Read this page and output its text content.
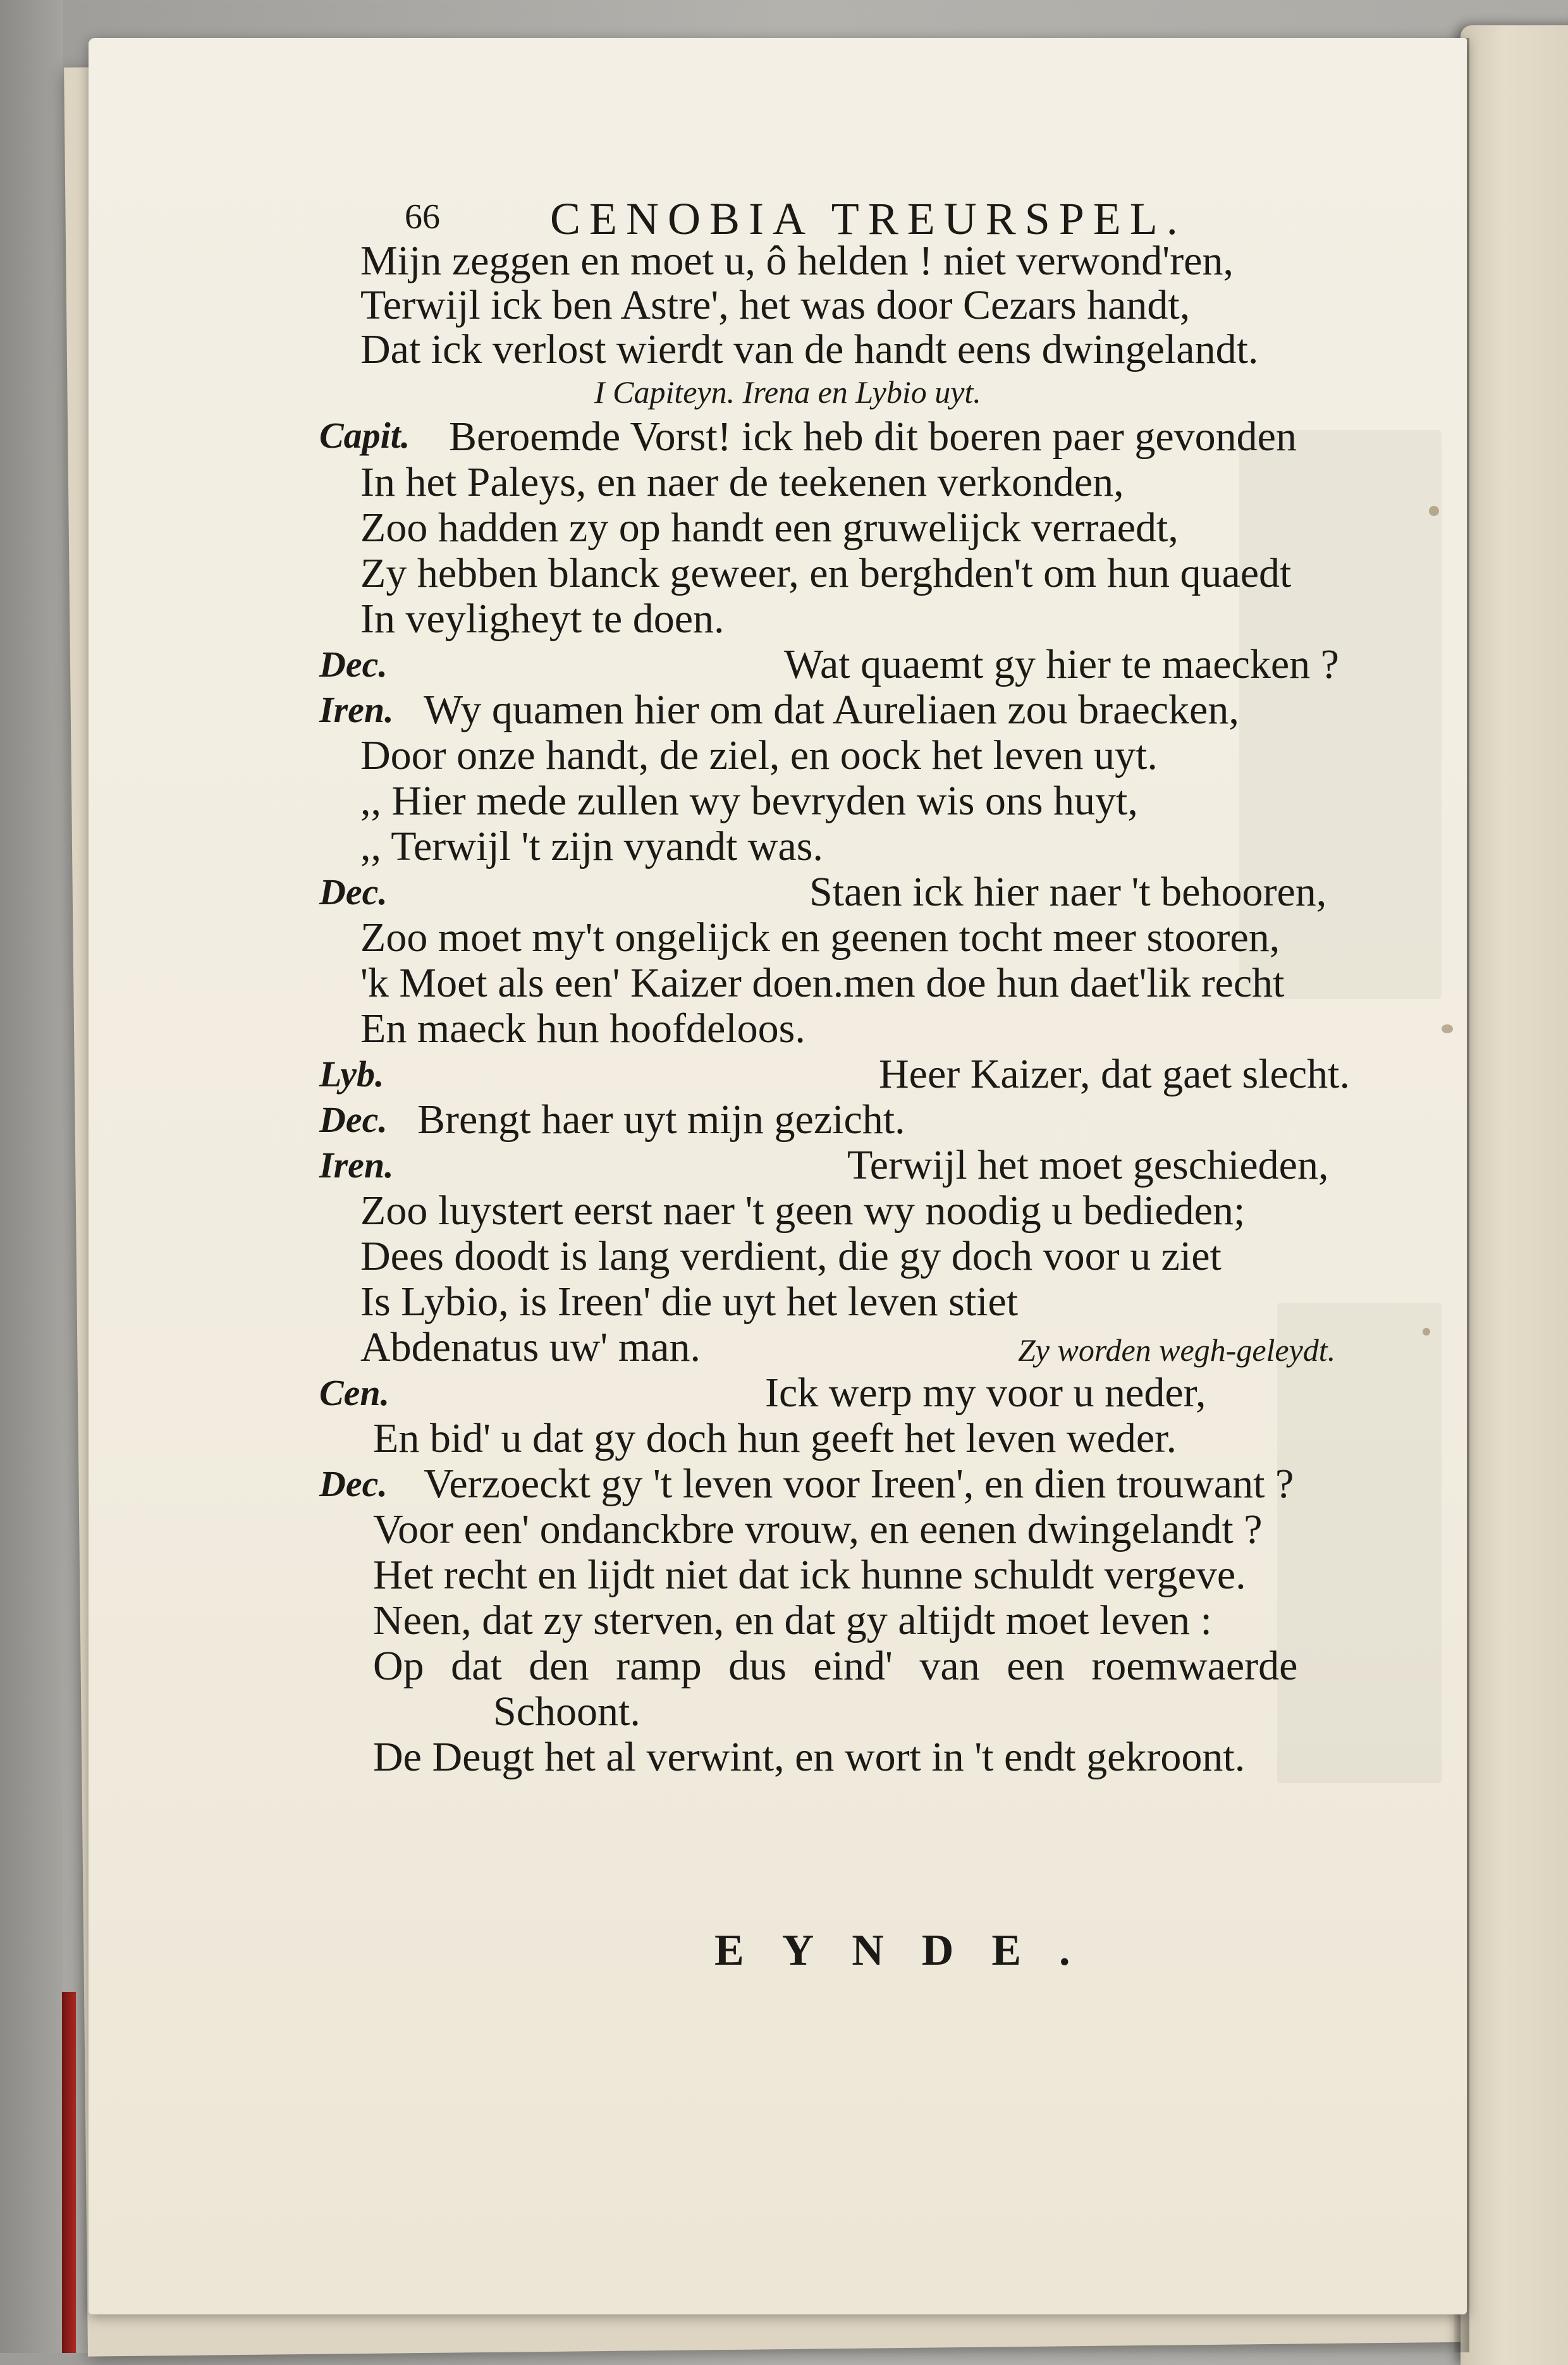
66 CENOBIA TREURSPEL.
Mijn zeggen en moet u, ô helden ! niet verwond'ren,
Terwijl ick ben Astre', het was door Cezars handt,
Dat ick verlost wierdt van de handt eens dwingelandt.
I Capiteyn. Irena en Lybio uyt.
Capit. Beroemde Vorst! ick heb dit boeren paer gevonden
In het Paleys, en naer de teekenen verkonden,
Zoo hadden zy op handt een gruwelijck verraedt,
Zy hebben blanck geweer, en berghden't om hun quaedt
In veyligheyt te doen.
Dec.	Wat quaemt gy hier te maecken ?
Iren. Wy quamen hier om dat Aureliaen zou braecken,
Door onze handt, de ziel, en oock het leven uyt.
,, Hier mede zullen wy bevryden wis ons huyt,
,, Terwijl 't zijn vyandt was.
Dec.	Staen ick hier naer 't behooren,
Zoo moet my't ongelijck en geenen tocht meer stooren,
'k Moet als een' Kaizer doen.men doe hun daet'lik recht
En maeck hun hoofdeloos.
Lyb.	Heer Kaizer, dat gaet slecht.
Dec. Brengt haer uyt mijn gezicht.
Iren.	Terwijl het moet geschieden,
Zoo luystert eerst naer 't geen wy noodig u bedieden;
Dees doodt is lang verdient, die gy doch voor u ziet
Is Lybio, is Ireen' die uyt het leven stiet
Abdenatus uw' man.	Zy worden wegh-geleydt.
Cen.	Ick werp my voor u neder,
En bid' u dat gy doch hun geeft het leven weder.
Dec. Verzoeckt gy 't leven voor Ireen', en dien trouwant ?
Voor een' ondanckbre vrouw, en eenen dwingelandt ?
Het recht en lijdt niet dat ick hunne schuldt vergeve.
Neen, dat zy sterven, en dat gy altijdt moet leven :
Op dat den ramp dus eind' van een roemwaerde
Schoont.
De Deugt het al verwint, en wort in 't endt gekroont.
EYNDE.
